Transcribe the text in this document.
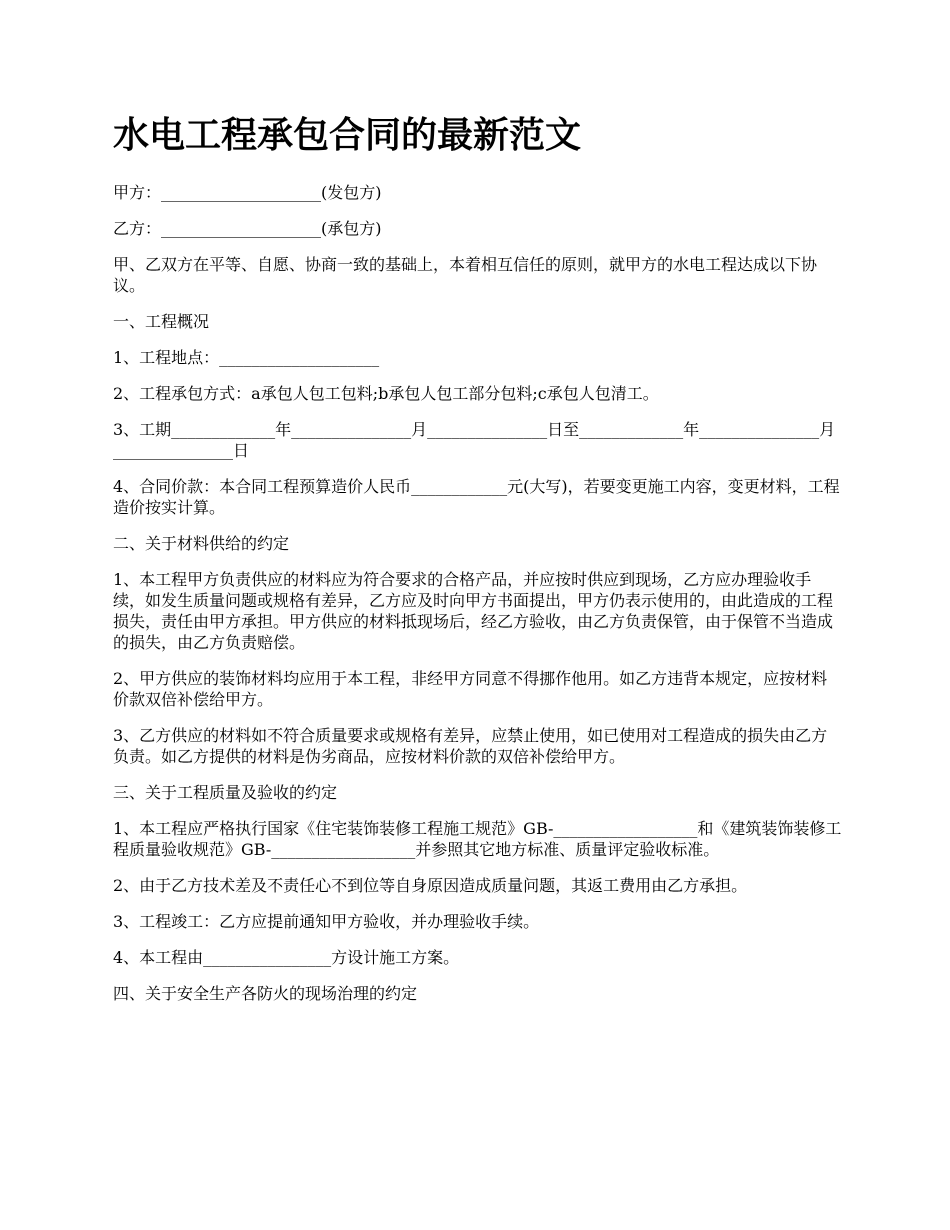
水电工程承包合同的最新范文

甲方：____________________(发包方)

乙方：____________________(承包方)

甲、乙双方在平等、自愿、协商一致的基础上，本着相互信任的原则，就甲方的水电工程达成以下协议。

一、工程概况

1、工程地点：____________________

2、工程承包方式：a承包人包工包料;b承包人包工部分包料;c承包人包清工。

3、工期_____________年_______________月_______________日至_____________年_______________月_______________日

4、合同价款：本合同工程预算造价人民币____________元(大写)，若要变更施工内容，变更材料，工程造价按实计算。

二、关于材料供给的约定

1、本工程甲方负责供应的材料应为符合要求的合格产品，并应按时供应到现场，乙方应办理验收手续，如发生质量问题或规格有差异，乙方应及时向甲方书面提出，甲方仍表示使用的，由此造成的工程损失，责任由甲方承担。甲方供应的材料抵现场后，经乙方验收，由乙方负责保管，由于保管不当造成的损失，由乙方负责赔偿。

2、甲方供应的装饰材料均应用于本工程，非经甲方同意不得挪作他用。如乙方违背本规定，应按材料价款双倍补偿给甲方。

3、乙方供应的材料如不符合质量要求或规格有差异，应禁止使用，如已使用对工程造成的损失由乙方负责。如乙方提供的材料是伪劣商品，应按材料价款的双倍补偿给甲方。

三、关于工程质量及验收的约定

1、本工程应严格执行国家《住宅装饰装修工程施工规范》GB-__________________和《建筑装饰装修工程质量验收规范》GB-__________________并参照其它地方标准、质量评定验收标准。

2、由于乙方技术差及不责任心不到位等自身原因造成质量问题，其返工费用由乙方承担。

3、工程竣工：乙方应提前通知甲方验收，并办理验收手续。

4、本工程由________________方设计施工方案。

四、关于安全生产各防火的现场治理的约定
